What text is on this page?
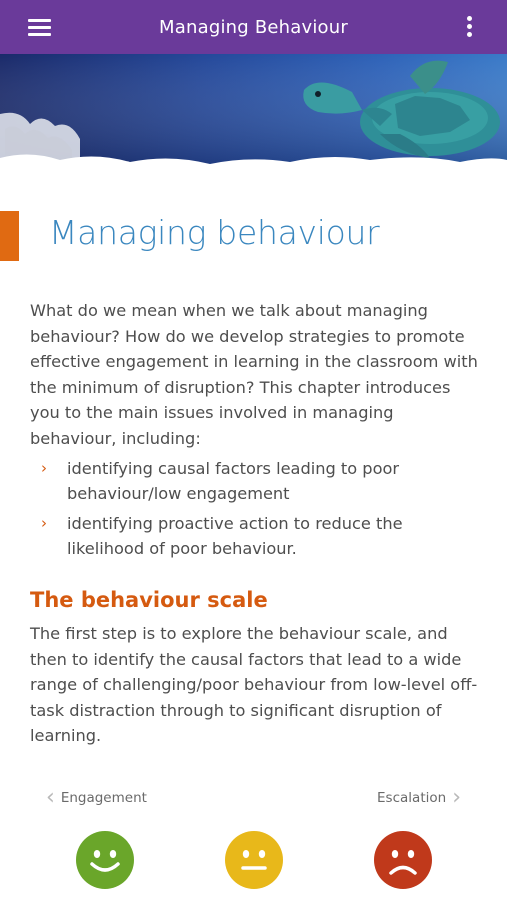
Managing Behaviour
Managing behaviour

What do we mean when we talk about managing behaviour? How do we develop strategies to promote effective engagement in learning in the classroom with the minimum of disruption? This chapter introduces you to the main issues involved in managing behaviour, including:

› identifying causal factors leading to poor behaviour/low engagement
› identifying proactive action to reduce the likelihood of poor behaviour.
The behaviour scale

The first step is to explore the behaviour scale, and then to identify the causal factors that lead to a wide range of challenging/poor behaviour from low-level off-task distraction through to significant disruption of learning.

‹ Engagement	Escalation ›
